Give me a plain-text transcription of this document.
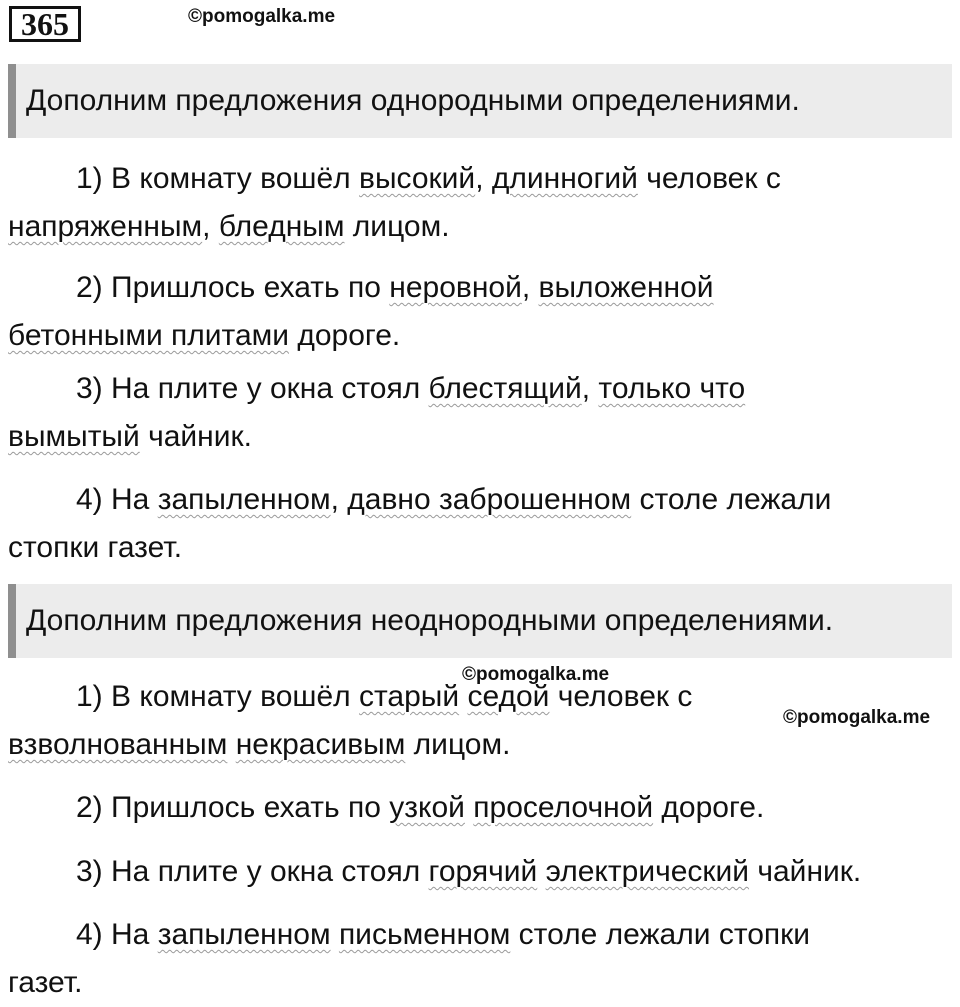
365	©pomogalka.me
Дополним предложения однородными определениями.
1) В комнату вошёл высокий, длинногий человек с
напряженным, бледным лицом.
2) Пришлось ехать по неровной, выложенной
бетонными плитами дороге.
3) На плите у окна стоял блестящий, только что
вымытый чайник.
4) На запыленном, давно заброшенном столе лежали
стопки газет.
Дополним предложения неоднородными определениями.
©pomogalka.me
©pomogalka.me
1) В комнату вошёл старый седой человек с
взволнованным некрасивым лицом.
2) Пришлось ехать по узкой проселочной дороге.
3) На плите у окна стоял горячий электрический чайник.
4) На запыленном письменном столе лежали стопки
газет.
